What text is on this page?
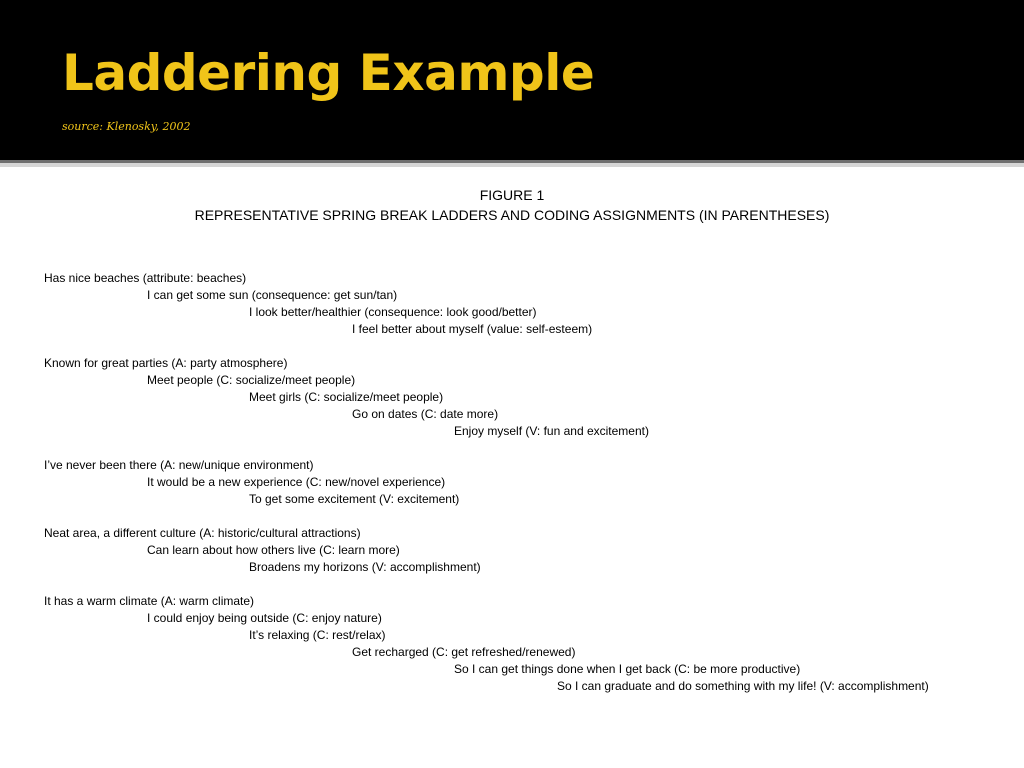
Laddering Example

source: Klenosky, 2002

FIGURE 1

REPRESENTATIVE SPRING BREAK LADDERS AND CODING ASSIGNMENTS (IN PARENTHESES)

Has nice beaches (attribute: beaches)
I can get some sun (consequence: get sun/tan)
I look better/healthier (consequence: look good/better)
I feel better about myself (value: self-esteem)
Known for great parties (A: party atmosphere)
Meet people (C: socialize/meet people)
Meet girls (C: socialize/meet people)
Go on dates (C: date more)
Enjoy myself (V: fun and excitement)
I’ve never been there (A: new/unique environment)
It would be a new experience (C: new/novel experience)
To get some excitement (V: excitement)
Neat area, a different culture (A: historic/cultural attractions)
Can learn about how others live (C: learn more)
Broadens my horizons (V: accomplishment)
It has a warm climate (A: warm climate)
I could enjoy being outside (C: enjoy nature)
It’s relaxing (C: rest/relax)
Get recharged (C: get refreshed/renewed)
So I can get things done when I get back (C: be more productive)
So I can graduate and do something with my life! (V: accomplishment)
